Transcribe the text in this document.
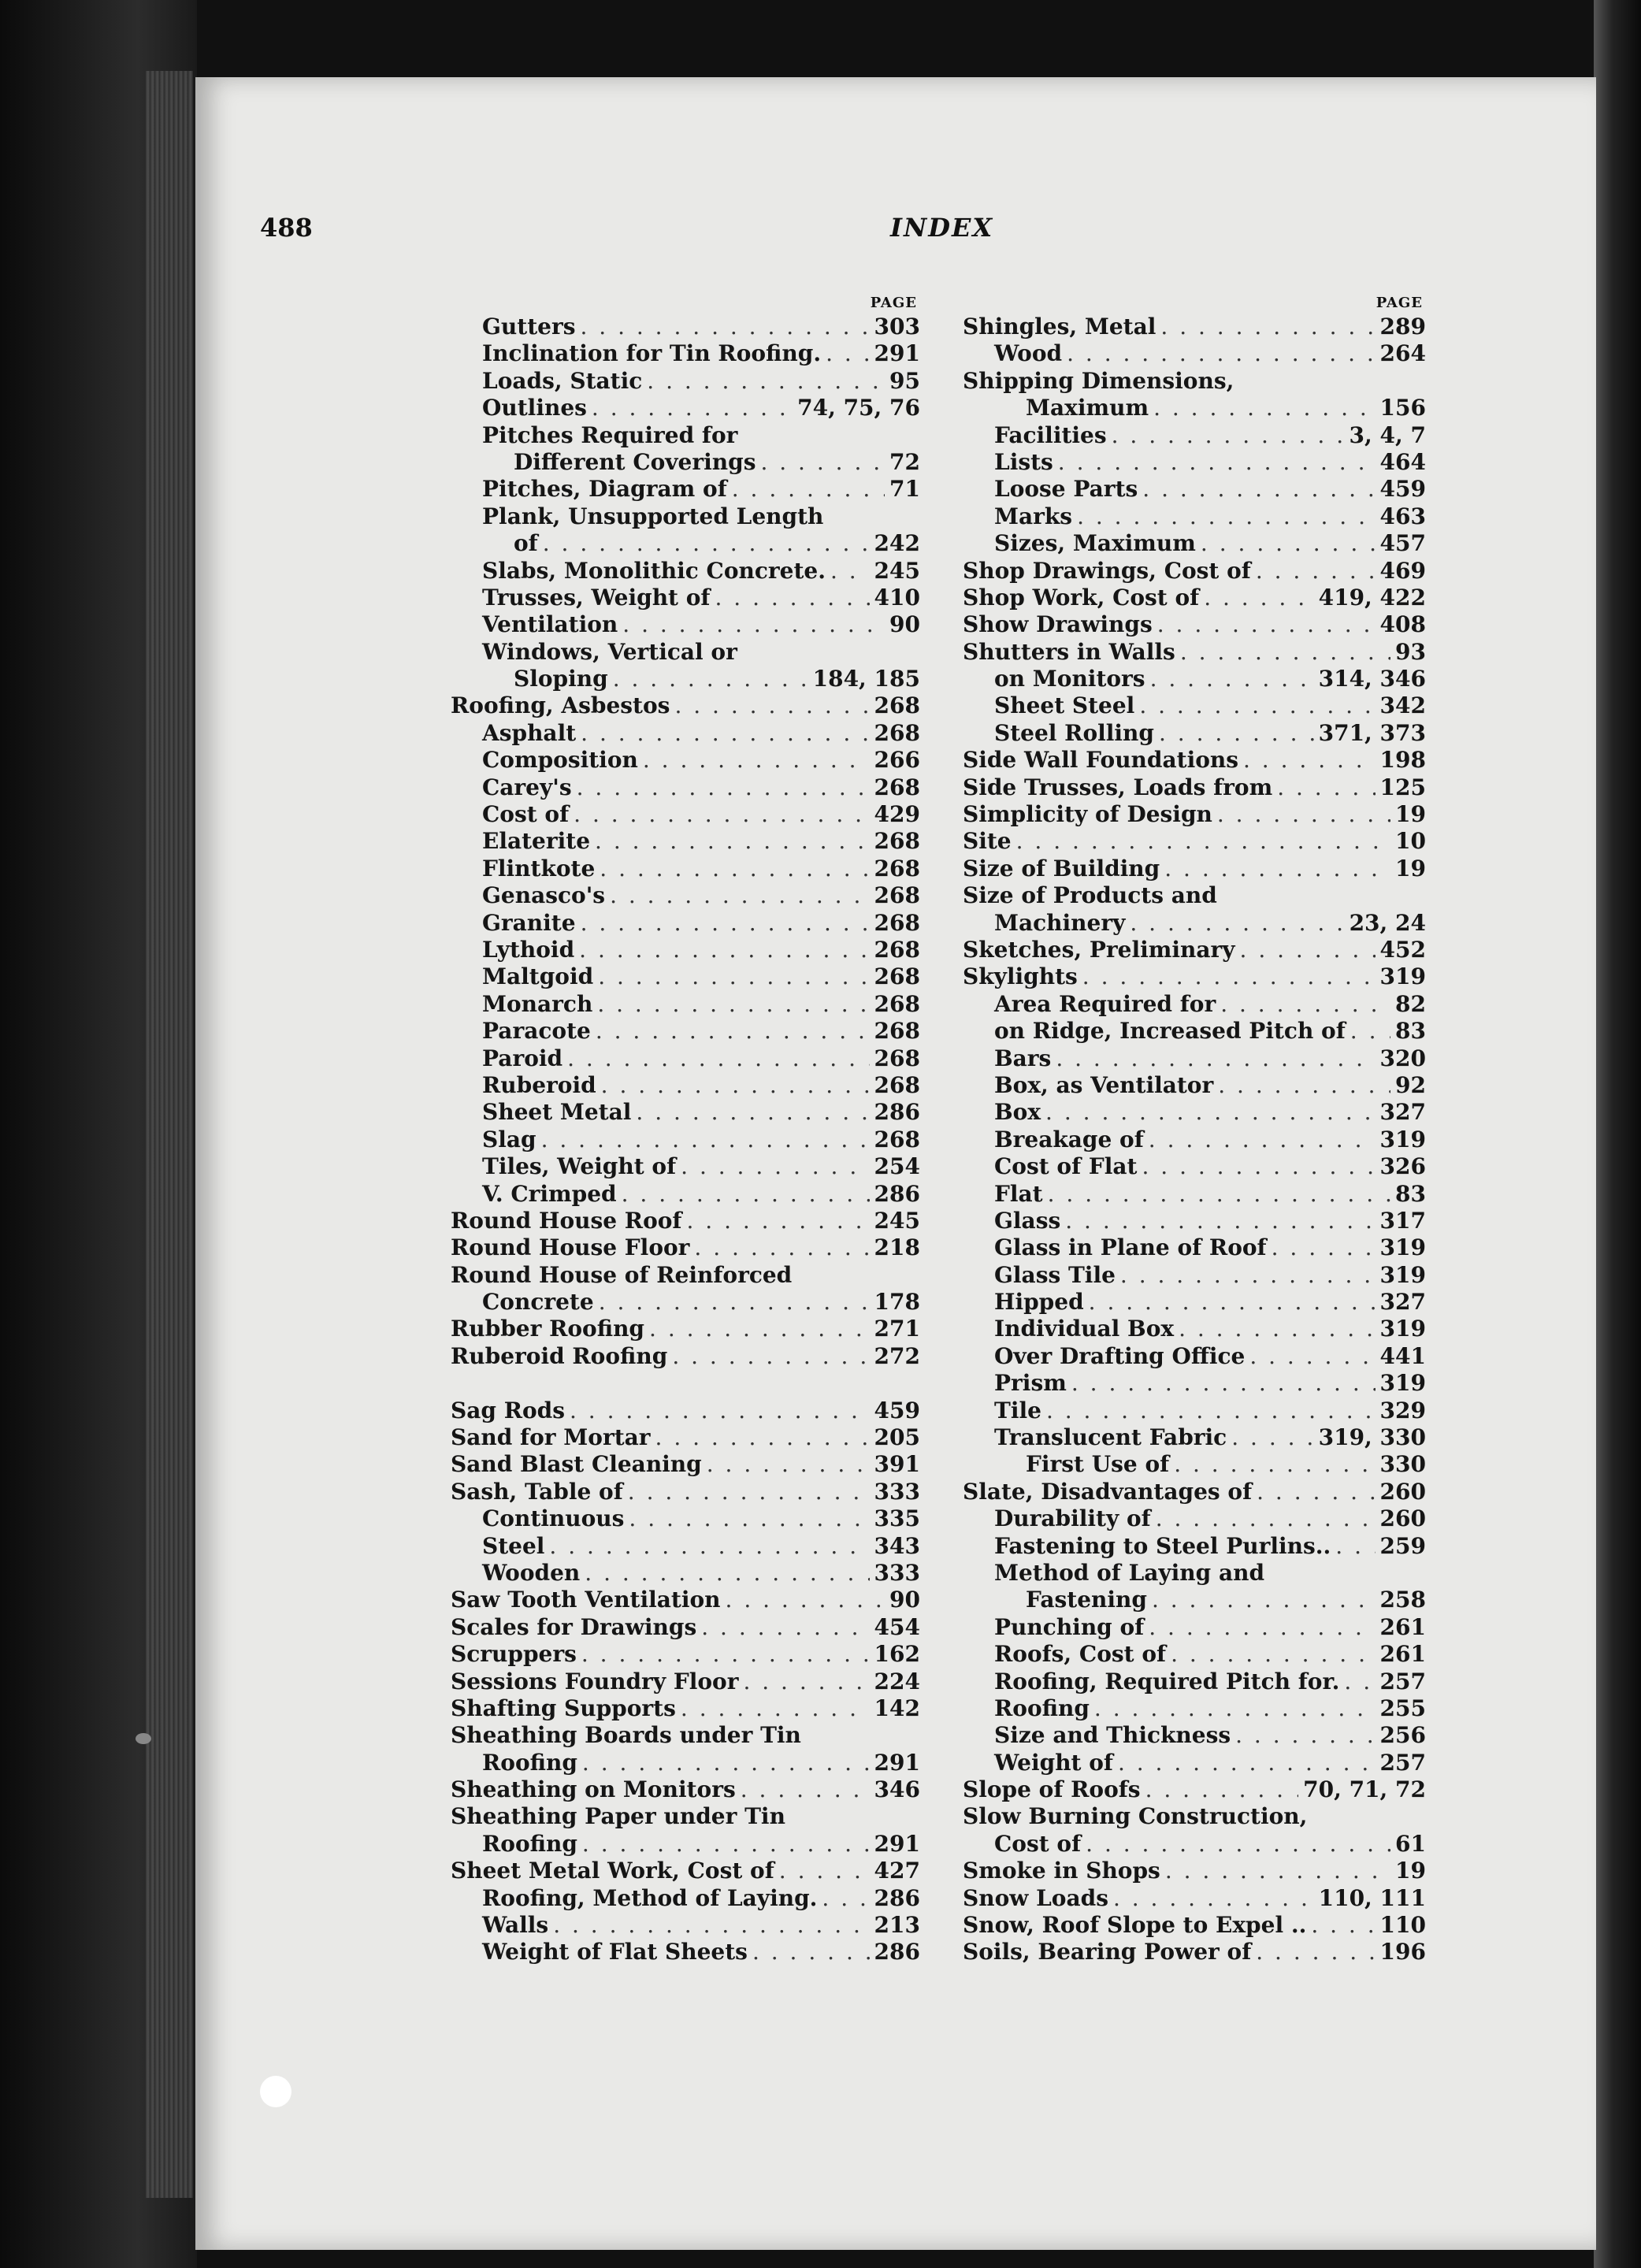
488	INDEX
PAGE
Gutters . . .	303
Inclination for Tin Roofing. . . . 291
Loads, Static . . .	95
Outlines . . .	74, 75, 76
Pitches Required for
Different Coverings . . .	72
Pitches, Diagram of . . .	71
Plank, Unsupported Length
of . . .	242
Slabs, Monolithic Concrete. . . . 245
Trusses, Weight of . . .	410
Ventilation . . .	90
Windows, Vertical or
Sloping . . .	184, 185
Roofing, Asbestos . . .	268
Asphalt . . .	268
Composition . . .	266
Carey's . . .	268
Cost of . . .	429
Elaterite . . .	268
Flintkote . . .	268
Genasco's . . .	268
Granite . . .	268
Lythoid . . .	268
Maltgoid . . .	268
Monarch . . .	268
Paracote . . .	268
Paroid . . .	268
Ruberoid . . .	268
Sheet Metal . . .	286
Slag . . .	268
Tiles, Weight of . . .	254
V. Crimped . . .	286
Round House Roof . . .	245
Round House Floor . . .	218
Round House of Reinforced
Concrete . . .	178
Rubber Roofing . . .	271
Ruberoid Roofing . . .	272
Sag Rods . . .	459
Sand for Mortar . . .	205
Sand Blast Cleaning . . .	391
Sash, Table of . . .	333
Continuous . . .	335
Steel . . .	343
Wooden . . .	333
Saw Tooth Ventilation . . .	90
Scales for Drawings . . .	454
Scruppers . . .	162
Sessions Foundry Floor . . .	224
Shafting Supports . . .	142
Sheathing Boards under Tin
Roofing . . .	291
Sheathing on Monitors . . .	346
Sheathing Paper under Tin
Roofing . . .	291
Sheet Metal Work, Cost of . . .	427
Roofing, Method of Laying. . . .	286
Walls . . .	213
Weight of Flat Sheets . . .	286
PAGE
Shingles, Metal . . .	289
Wood . . .	264
Shipping Dimensions,
Maximum . . .	156
Facilities . . .	3, 4, 7
Lists . . .	464
Loose Parts . . .	459
Marks . . .	463
Sizes, Maximum . . .	457
Shop Drawings, Cost of . . .	469
Shop Work, Cost of . . .	419, 422
Show Drawings . . .	408
Shutters in Walls . . .	93
on Monitors . . .	314, 346
Sheet Steel . . .	342
Steel Rolling . . .	371, 373
Side Wall Foundations . . .	198
Side Trusses, Loads from . . .	125
Simplicity of Design . . .	19
Site . . .	10
Size of Building . . .	19
Size of Products and
Machinery . . .	23, 24
Sketches, Preliminary . . .	452
Skylights . . .	319
Area Required for . . .	82
on Ridge, Increased Pitch of . . . 83
Bars . . .	320
Box, as Ventilator . . .	92
Box . . .	327
Breakage of . . .	319
Cost of Flat . . .	326
Flat . . .	83
Glass . . .	317
Glass in Plane of Roof . . .	319
Glass Tile . . .	319
Hipped . . .	327
Individual Box . . .	319
Over Drafting Office . . .	441
Prism . . .	319
Tile . . .	329
Translucent Fabric . . .	319, 330
First Use of . . .	330
Slate, Disadvantages of . . .	260
Durability of . . .	260
Fastening to Steel Purlins.. . . . 259
Method of Laying and
Fastening . . .	258
Punching of . . .	261
Roofs, Cost of . . .	261
Roofing, Required Pitch for. . . . 257
Roofing . . .	255
Size and Thickness . . .	256
Weight of . . .	257
Slope of Roofs . . .	70, 71, 72
Slow Burning Construction,
Cost of . . .	61
Smoke in Shops . . .	19
Snow Loads . . .	110, 111
Snow, Roof Slope to Expel .. . . .	110
Soils, Bearing Power of . . .	196
